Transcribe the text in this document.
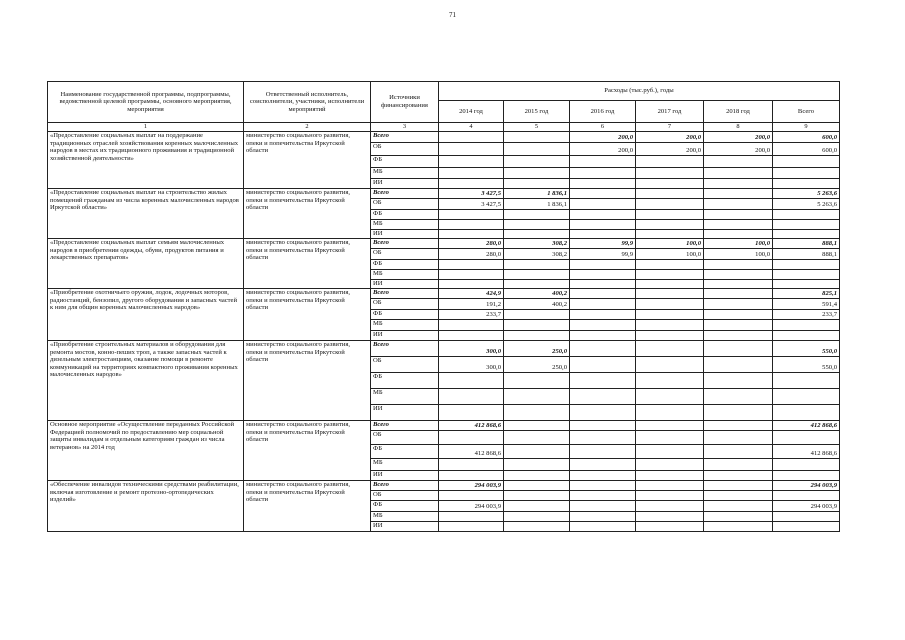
71
Наименование государственной программы, подпрограммы, ведомственной целевой программы, основного мероприятия, мероприятия	Ответственный исполнитель, соисполнители, участники, исполнители мероприятий	Источники финансирования	Расходы (тыс.руб.), годы					
			2014 год	2015 год	2016 год	2017 год	2018 год	Всего
1	2	3	4	5	6	7	8	9
«Предоставление социальных выплат на поддержание традиционных отраслей хозяйствования коренных малочисленных народов в местах их традиционного проживания и традиционной хозяйственной деятельности»	министерство социального развития, опеки и попечительства Иркутской области	Всего			200,0	200,0	200,0	600,0
		ОБ			200,0	200,0	200,0	600,0
		ФБ						
		МБ						
		ИИ						
«Предоставление социальных выплат на строительство жилых помещений гражданам из числа коренных малочисленных народов Иркутской области»	министерство социального развития, опеки и попечительства Иркутской области	Всего	3 427,5	1 836,1				5 263,6
		ОБ	3 427,5	1 836,1				5 263,6
		ФБ						
		МБ						
		ИИ						
«Предоставление социальных выплат семьям малочисленных народов в приобретении одежды, обуви, продуктов питания и лекарственных препаратов»	министерство социального развития, опеки и попечительства Иркутской области	Всего	280,0	308,2	99,9	100,0	100,0	888,1
		ОБ	280,0	308,2	99,9	100,0	100,0	888,1
		ФБ						
		МБ						
		ИИ						
«Приобретение охотничьего оружия, лодок, лодочных моторов, радиостанций, бензопил, другого оборудования и запасных частей к ним для общин коренных малочисленных народов»	министерство социального развития, опеки и попечительства Иркутской области	Всего	424,9	400,2				825,1
		ОБ	191,2	400,2				591,4
		ФБ	233,7					233,7
		МБ						
		ИИ						
«Приобретение строительных материалов и оборудования для ремонта мостов, конно-пеших троп, а также запасных частей к дизельным электростанциям, оказание помощи в ремонте коммуникаций на территориях компактного проживания коренных малочисленных народов»	министерство социального развития, опеки и попечительства Иркутской области	Всего	300,0	250,0				550,0
		ОБ	300,0	250,0				550,0
		ФБ						
		МБ						
		ИИ						
Основное мероприятие «Осуществление переданных Российской Федерацией полномочий по предоставлению мер социальной защиты инвалидам и отдельным категориям граждан из числа ветеранов» на 2014 год	министерство социального развития, опеки и попечительства Иркутской области	Всего	412 868,6					412 868,6
		ОБ						
		ФБ	412 868,6					412 868,6
		МБ						
		ИИ						
«Обеспечение инвалидов техническими средствами реабилитации, включая изготовление и ремонт протезно-ортопедических изделий»	министерство социального развития, опеки и попечительства Иркутской области	Всего	294 003,9					294 003,9
		ОБ						
		ФБ	294 003,9					294 003,9
		МБ						
		ИИ						
